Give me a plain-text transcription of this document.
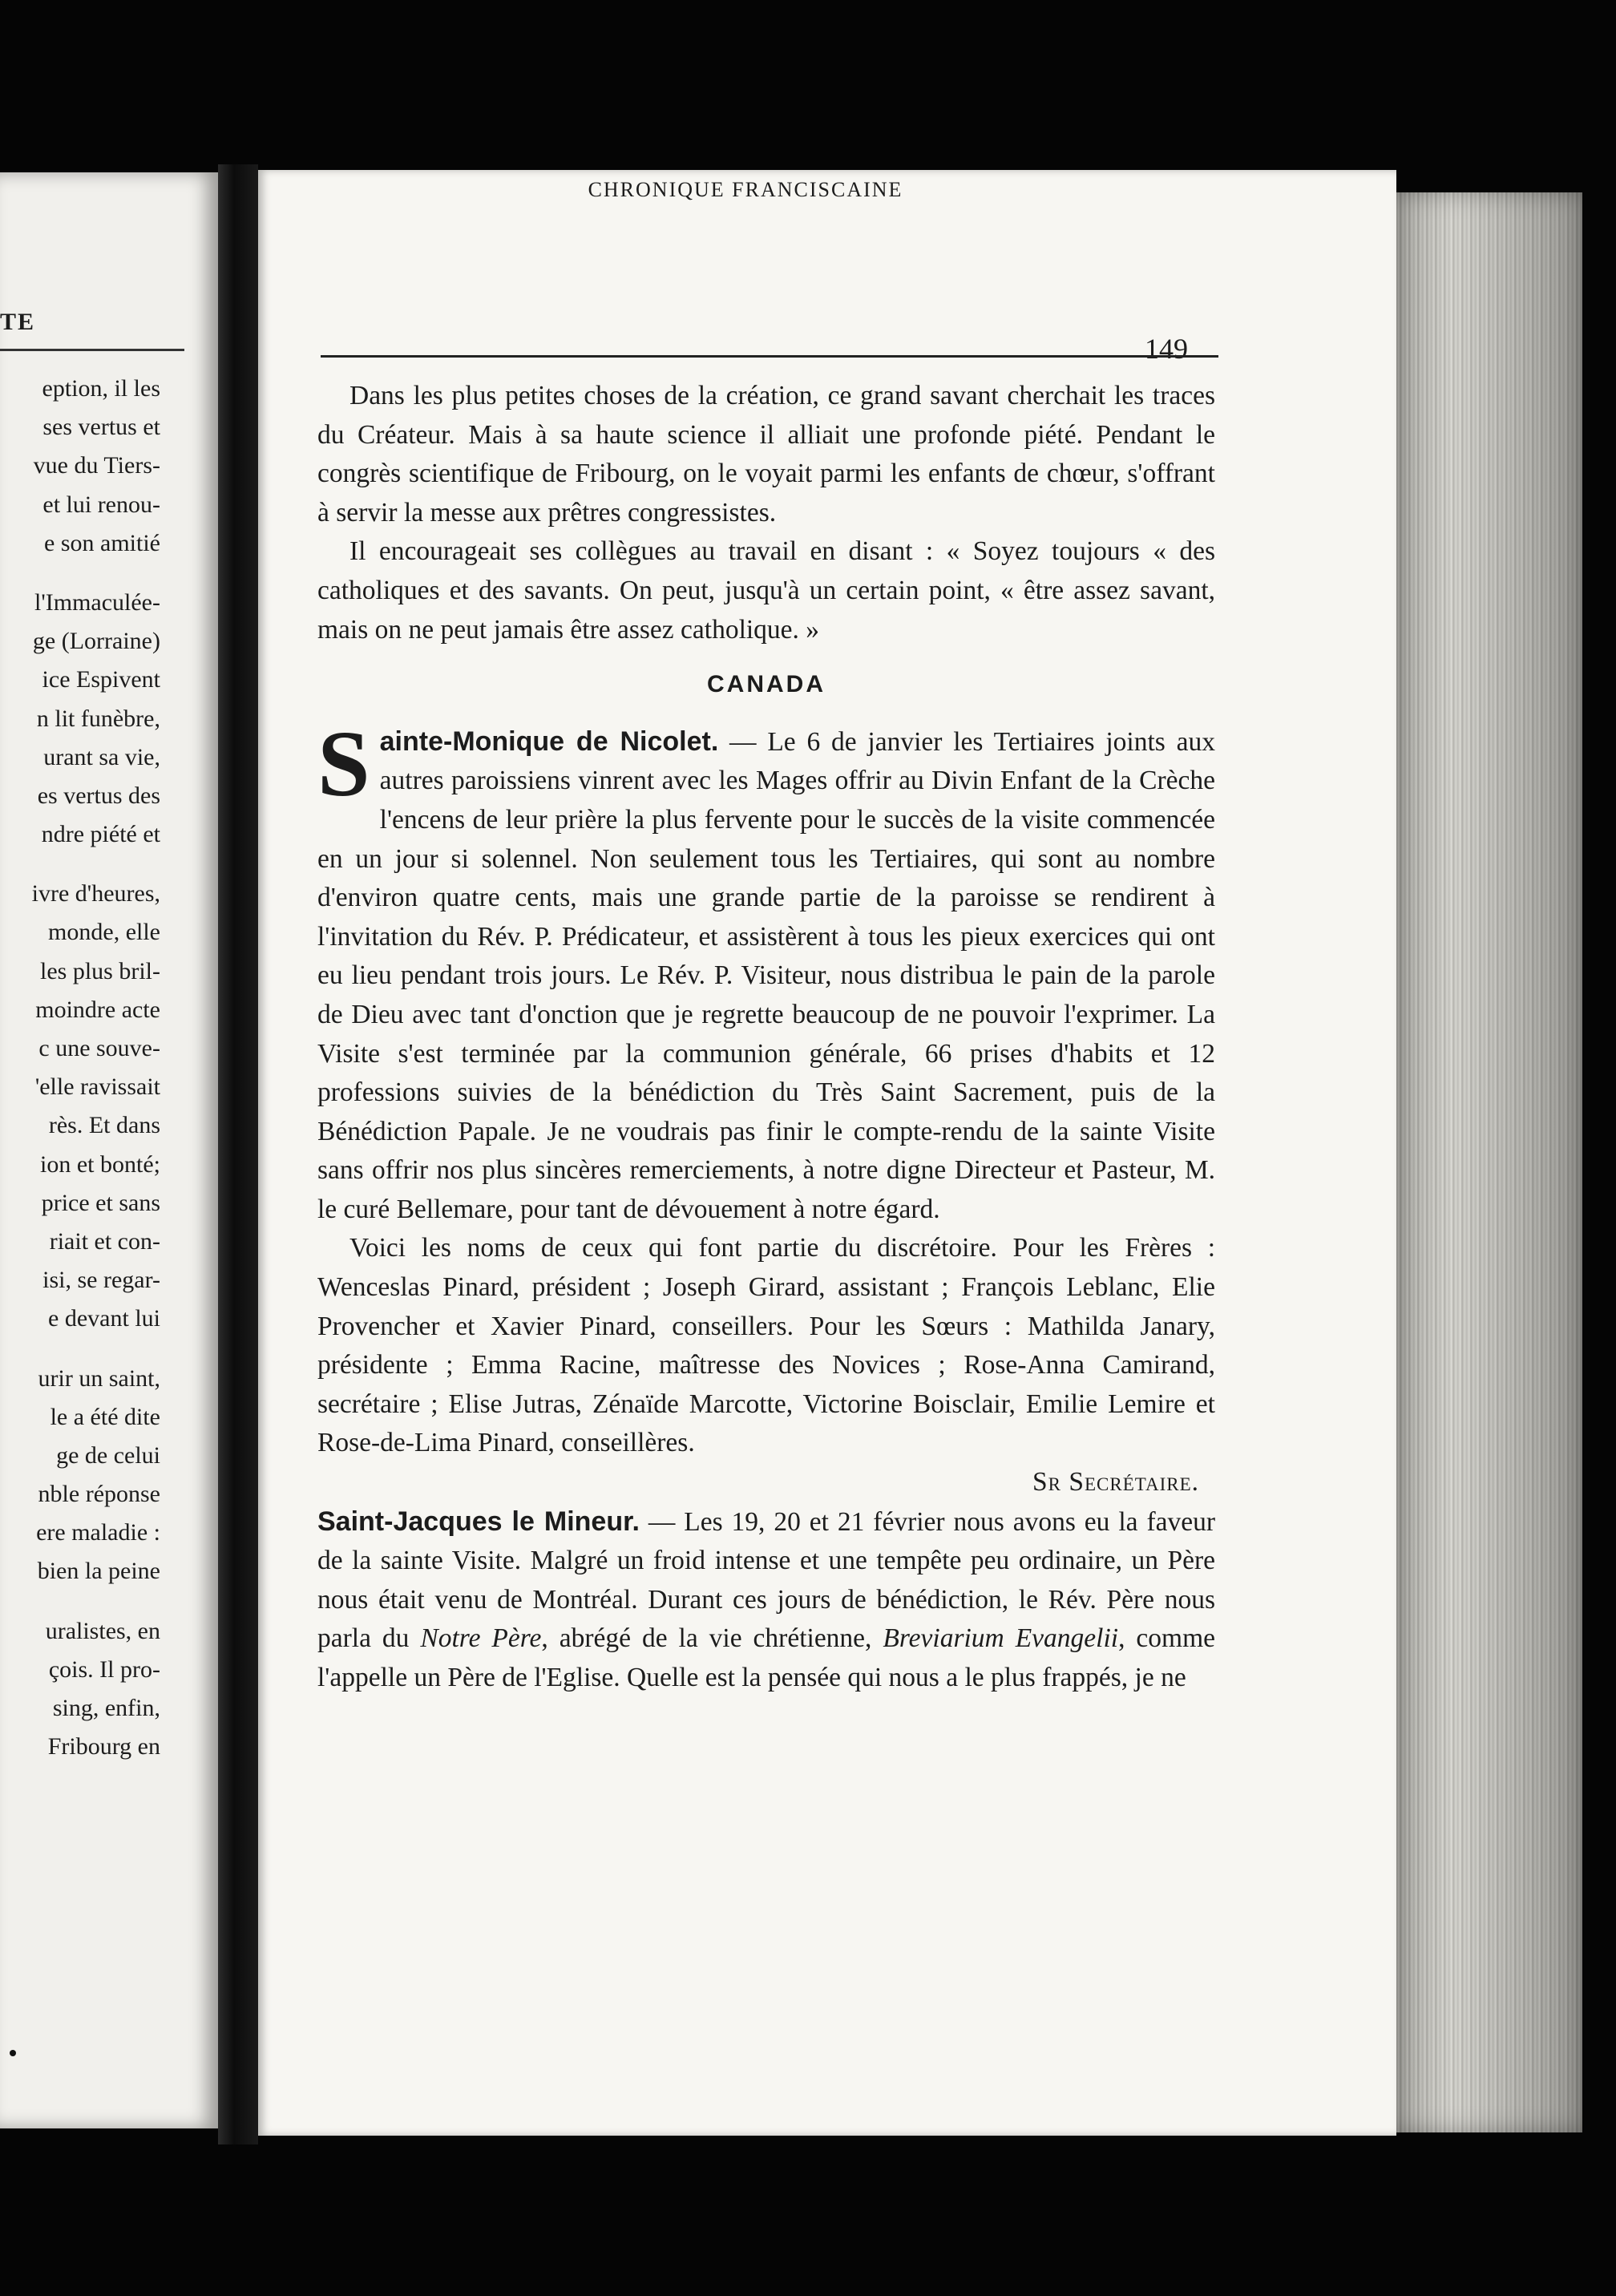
TE
eption, il les
ses vertus et
vue du Tiers-
et lui renou-
e son amitié
l'Immaculée-
ge (Lorraine)
ice Espivent
n lit funèbre,
urant sa vie,
es vertus des
ndre piété et
ivre d'heures,
monde, elle
les plus bril-
moindre acte
c une souve-
'elle ravissait
rès. Et dans
ion et bonté;
price et sans
riait et con-
isi, se regar-
e devant lui
urir un saint,
le a été dite
ge de celui
nble réponse
ere maladie :
bien la peine
uralistes, en
çois. Il pro-
sing, enfin,
Fribourg en
CHRONIQUE FRANCISCAINE
149

Dans les plus petites choses de la création, ce grand savant cherchait les traces du Créateur. Mais à sa haute science il alliait une profonde piété. Pendant le congrès scientifique de Fribourg, on le voyait parmi les enfants de chœur, s'offrant à servir la messe aux prêtres congressistes.

Il encourageait ses collègues au travail en disant : « Soyez toujours « des catholiques et des savants. On peut, jusqu'à un certain point, « être assez savant, mais on ne peut jamais être assez catholique. »

CANADA

Sainte-Monique de Nicolet. — Le 6 de janvier les Tertiaires joints aux autres paroissiens vinrent avec les Mages offrir au Divin Enfant de la Crèche l'encens de leur prière la plus fervente pour le succès de la visite commencée en un jour si solennel. Non seulement tous les Tertiaires, qui sont au nombre d'environ quatre cents, mais une grande partie de la paroisse se rendirent à l'invitation du Rév. P. Prédicateur, et assistèrent à tous les pieux exercices qui ont eu lieu pendant trois jours. Le Rév. P. Visiteur, nous distribua le pain de la parole de Dieu avec tant d'onction que je regrette beaucoup de ne pouvoir l'exprimer. La Visite s'est terminée par la communion générale, 66 prises d'habits et 12 professions suivies de la bénédiction du Très Saint Sacrement, puis de la Bénédiction Papale. Je ne voudrais pas finir le compte-rendu de la sainte Visite sans offrir nos plus sincères remerciements, à notre digne Directeur et Pasteur, M. le curé Bellemare, pour tant de dévouement à notre égard.

Voici les noms de ceux qui font partie du discrétoire. Pour les Frères : Wenceslas Pinard, président ; Joseph Girard, assistant ; François Leblanc, Elie Provencher et Xavier Pinard, conseillers. Pour les Sœurs : Mathilda Janary, présidente ; Emma Racine, maîtresse des Novices ; Rose-Anna Camirand, secrétaire ; Elise Jutras, Zénaïde Marcotte, Victorine Boisclair, Emilie Lemire et Rose-de-Lima Pinard, conseillères.

Sr Secrétaire.

Saint-Jacques le Mineur. — Les 19, 20 et 21 février nous avons eu la faveur de la sainte Visite. Malgré un froid intense et une tempête peu ordinaire, un Père nous était venu de Montréal. Durant ces jours de bénédiction, le Rév. Père nous parla du Notre Père, abrégé de la vie chrétienne, Breviarium Evangelii, comme l'appelle un Père de l'Eglise. Quelle est la pensée qui nous a le plus frappés, je ne
